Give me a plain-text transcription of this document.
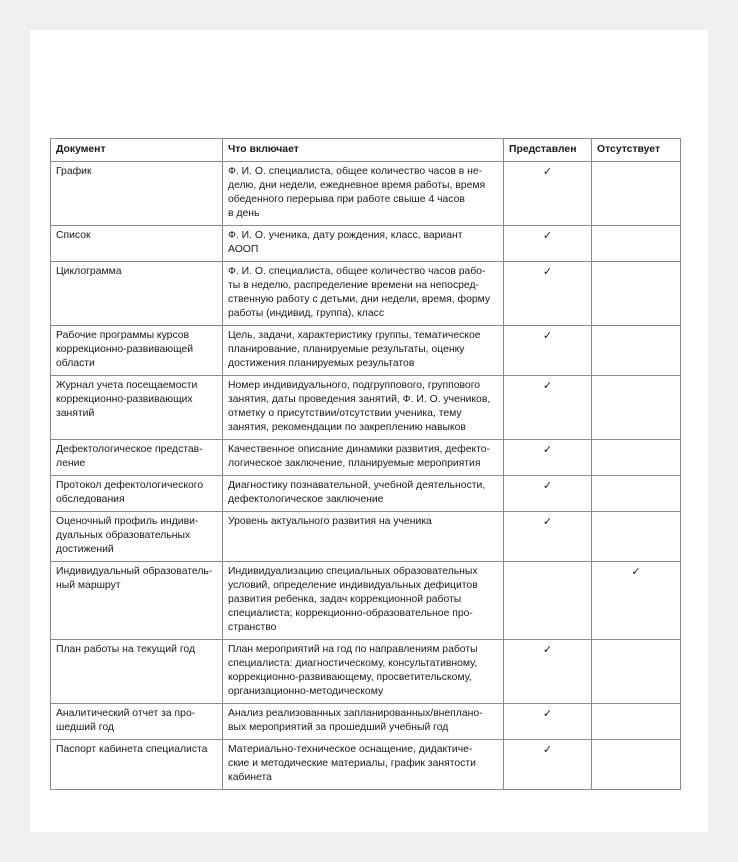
Документ	Что включает	Представлен	Отсутствует
График	Ф. И. О. специалиста, общее количество часов в не-
делю, дни недели, ежедневное время работы, время
обеденного перерыва при работе свыше 4 часов
в день	✓	
Список	Ф. И. О. ученика, дату рождения, класс, вариант
АООП	✓	
Циклограмма	Ф. И. О. специалиста, общее количество часов рабо-
ты в неделю, распределение времени на непосред-
ственную работу с детьми, дни недели, время, форму
работы (индивид, группа), класс	✓	
Рабочие программы курсов
коррекционно-развивающей
области	Цель, задачи, характеристику группы, тематическое
планирование, планируемые результаты, оценку
достижения планируемых результатов	✓	
Журнал учета посещаемости
коррекционно-развивающих
занятий	Номер индивидуального, подгруппового, группового
занятия, даты проведения занятий, Ф. И. О. учеников,
отметку о присутствии/отсутствии ученика, тему
занятия, рекомендации по закреплению навыков	✓	
Дефектологическое представ-
ление	Качественное описание динамики развития, дефекто-
логическое заключение, планируемые мероприятия	✓	
Протокол дефектологического
обследования	Диагностику познавательной, учебной деятельности,
дефектологическое заключение	✓	
Оценочный профиль индиви-
дуальных образовательных
достижений	Уровень актуального развития на ученика	✓	
Индивидуальный образователь-
ный маршрут	Индивидуализацию специальных образовательных
условий, определение индивидуальных дефицитов
развития ребенка, задач коррекционной работы
специалиста; коррекционно-образовательное про-
странство		✓
План работы на текущий год	План мероприятий на год по направлениям работы
специалиста: диагностическому, консультативному,
коррекционно-развивающему, просветительскому,
организационно-методическому	✓	
Аналитический отчет за про-
шедший год	Анализ реализованных запланированных/внеплано-
вых мероприятий за прошедший учебный год	✓	
Паспорт кабинета специалиста	Материально-техническое оснащение, дидактиче-
ские и методические материалы, график занятости
кабинета	✓	
